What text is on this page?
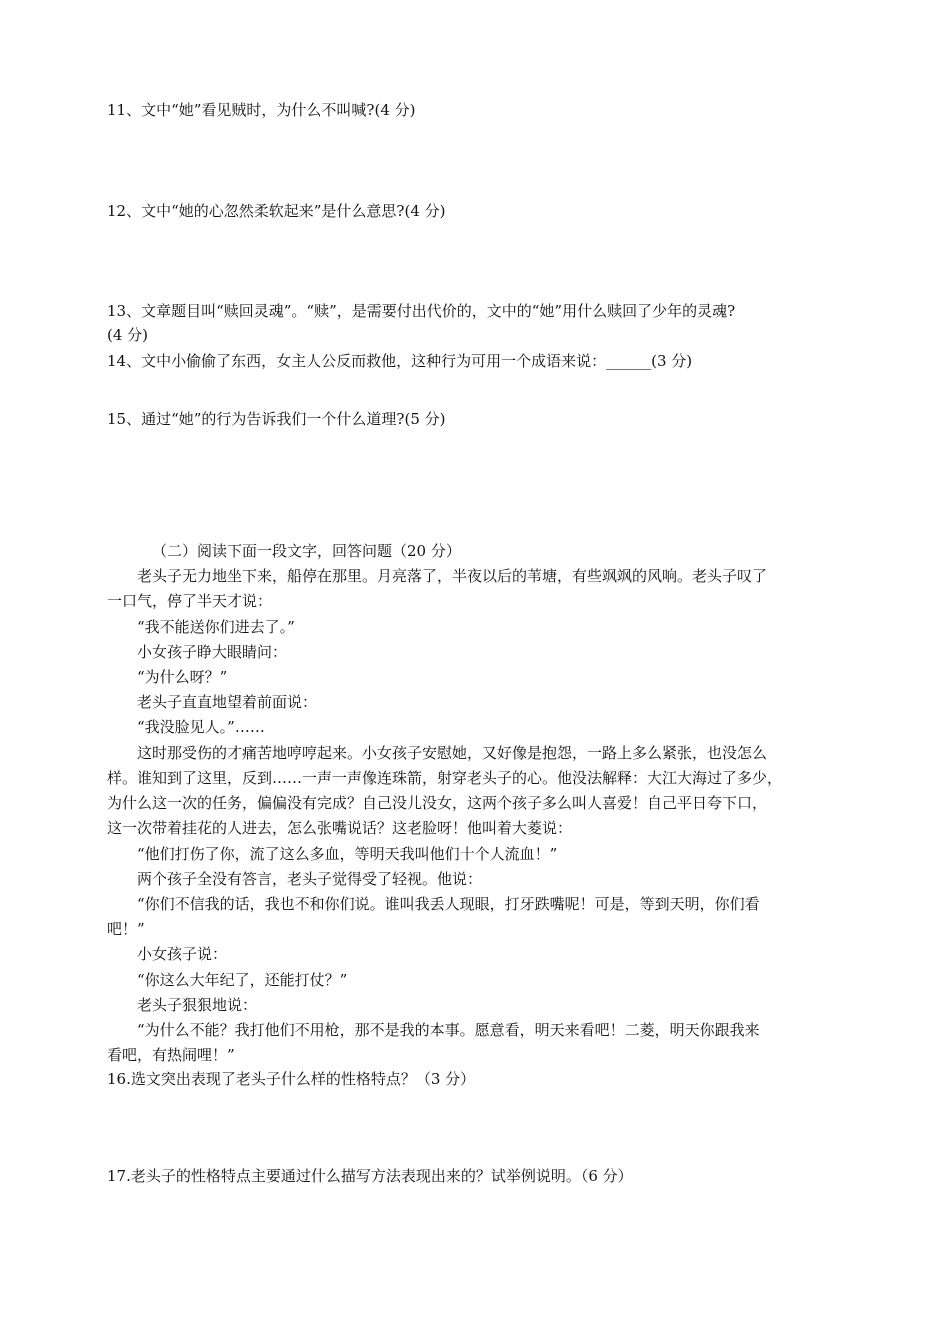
11、文中“她”看见贼时，为什么不叫喊?(4 分)
12、文中“她的心忽然柔软起来”是什么意思?(4 分)
13、文章题目叫“赎回灵魂”。“赎”，是需要付出代价的，文中的“她”用什么赎回了少年的灵魂?
(4 分)
14、文中小偷偷了东西，女主人公反而救他，这种行为可用一个成语来说：______(3 分)
15、通过“她”的行为告诉我们一个什么道理?(5 分)
（二）阅读下面一段文字，回答问题（20 分）
老头子无力地坐下来，船停在那里。月亮落了，半夜以后的苇塘，有些飒飒的风响。老头子叹了
一口气，停了半天才说：
“我不能送你们进去了。”
小女孩子睁大眼睛问：
“为什么呀？”
老头子直直地望着前面说：
“我没脸见人。”……
这时那受伤的才痛苦地哼哼起来。小女孩子安慰她，又好像是抱怨，一路上多么紧张，也没怎么
样。谁知到了这里，反到……一声一声像连珠箭，射穿老头子的心。他没法解释：大江大海过了多少，
为什么这一次的任务，偏偏没有完成？自己没儿没女，这两个孩子多么叫人喜爱！自己平日夸下口，
这一次带着挂花的人进去，怎么张嘴说话？这老脸呀！他叫着大菱说：
“他们打伤了你，流了这么多血，等明天我叫他们十个人流血！”
两个孩子全没有答言，老头子觉得受了轻视。他说：
“你们不信我的话，我也不和你们说。谁叫我丢人现眼，打牙跌嘴呢！可是，等到天明，你们看
吧！”
小女孩子说：
“你这么大年纪了，还能打仗？”
老头子狠狠地说：
“为什么不能？我打他们不用枪，那不是我的本事。愿意看，明天来看吧！二菱，明天你跟我来
看吧，有热闹哩！”
16.选文突出表现了老头子什么样的性格特点？（3 分）
17.老头子的性格特点主要通过什么描写方法表现出来的？试举例说明。（6 分）
